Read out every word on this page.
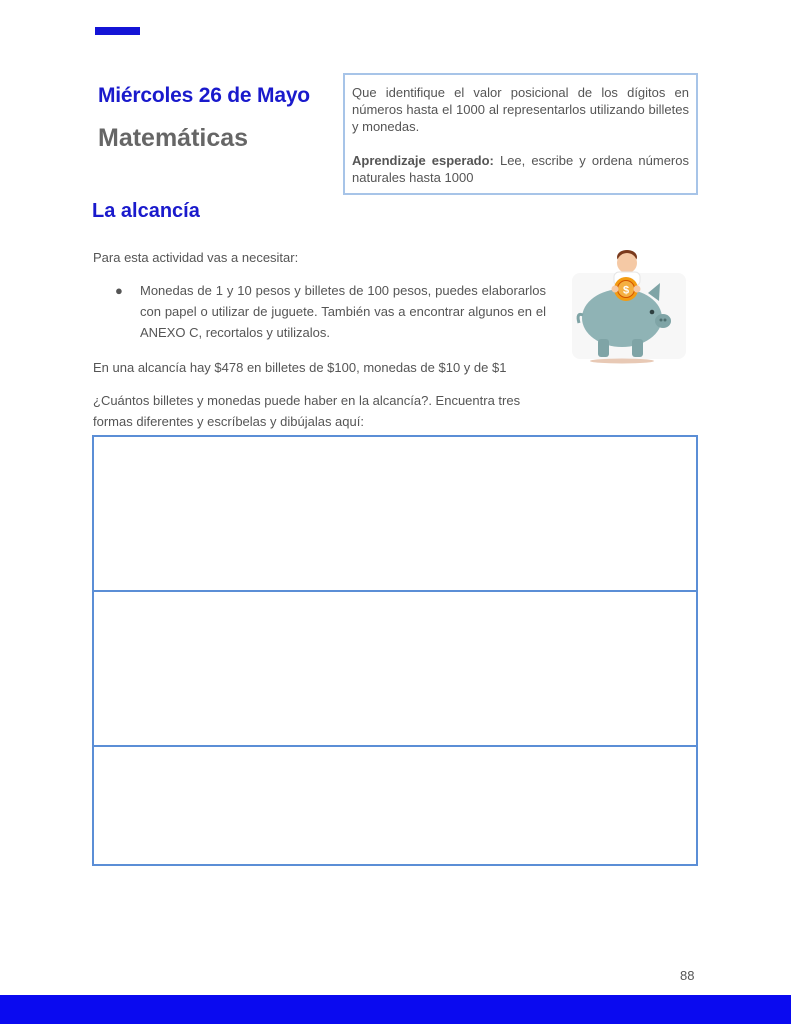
Miércoles 26 de Mayo
Matemáticas

Que identifique el valor posicional de los dígitos en números hasta el 1000 al representarlos utilizando billetes y monedas.

Aprendizaje esperado: Lee, escribe y ordena números naturales hasta 1000

La alcancía
Para esta actividad vas a necesitar:
●	Monedas de 1 y 10 pesos y billetes de 100 pesos, puedes elaborarlos con papel o utilizar de juguete. También vas a encontrar algunos en el ANEXO C, recortalos y utilizalos.
En una alcancía hay $478 en billetes de $100, monedas de $10 y de $1
¿Cuántos billetes y monedas puede haber en la alcancía?. Encuentra tres formas diferentes y escríbelas y dibújalas aquí:
$
88
